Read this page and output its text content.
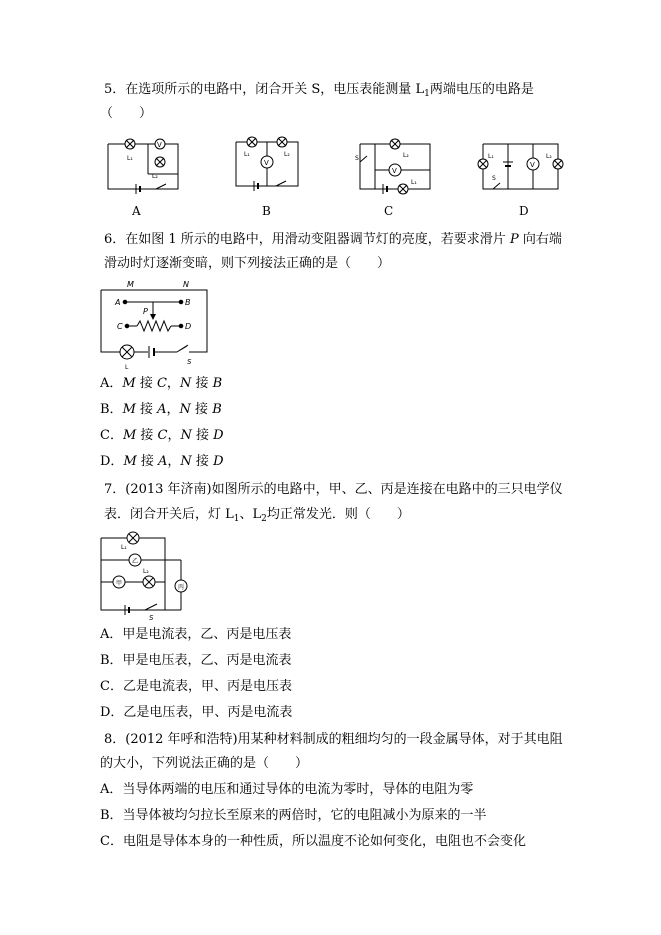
5．在选项所示的电路中，闭合开关 S，电压表能测量 $L_1$两端电压的电路是
（　　）
V
L₁
L₂
A
V
L₁	L₂
B
V
S	L₂
L₁
C
V
L₁	L₂
S
D
6．在如图 1 所示的电路中，用滑动变阻器调节灯的亮度，若要求滑片 P 向右端
滑动时灯逐渐变暗，则下列接法正确的是（　　）
M	N
A	B
C	D
P
L
S
A．M 接 C，N 接 B
B．M 接 A，N 接 B
C．M 接 C，N 接 D
D．M 接 A，N 接 D
7．(2013 年济南)如图所示的电路中，甲、乙、丙是连接在电路中的三只电学仪
表．闭合开关后，灯 $L_1$、$L_2$均正常发光．则（　　）
乙
甲
丙
L₁
L₂
S
A．甲是电流表，乙、丙是电压表
B．甲是电压表，乙、丙是电流表
C．乙是电流表，甲、丙是电压表
D．乙是电压表，甲、丙是电流表
8．(2012 年呼和浩特)用某种材料制成的粗细均匀的一段金属导体，对于其电阻
的大小，下列说法正确的是（　　）
A．当导体两端的电压和通过导体的电流为零时，导体的电阻为零
B．当导体被均匀拉长至原来的两倍时，它的电阻减小为原来的一半
C．电阻是导体本身的一种性质，所以温度不论如何变化，电阻也不会变化
